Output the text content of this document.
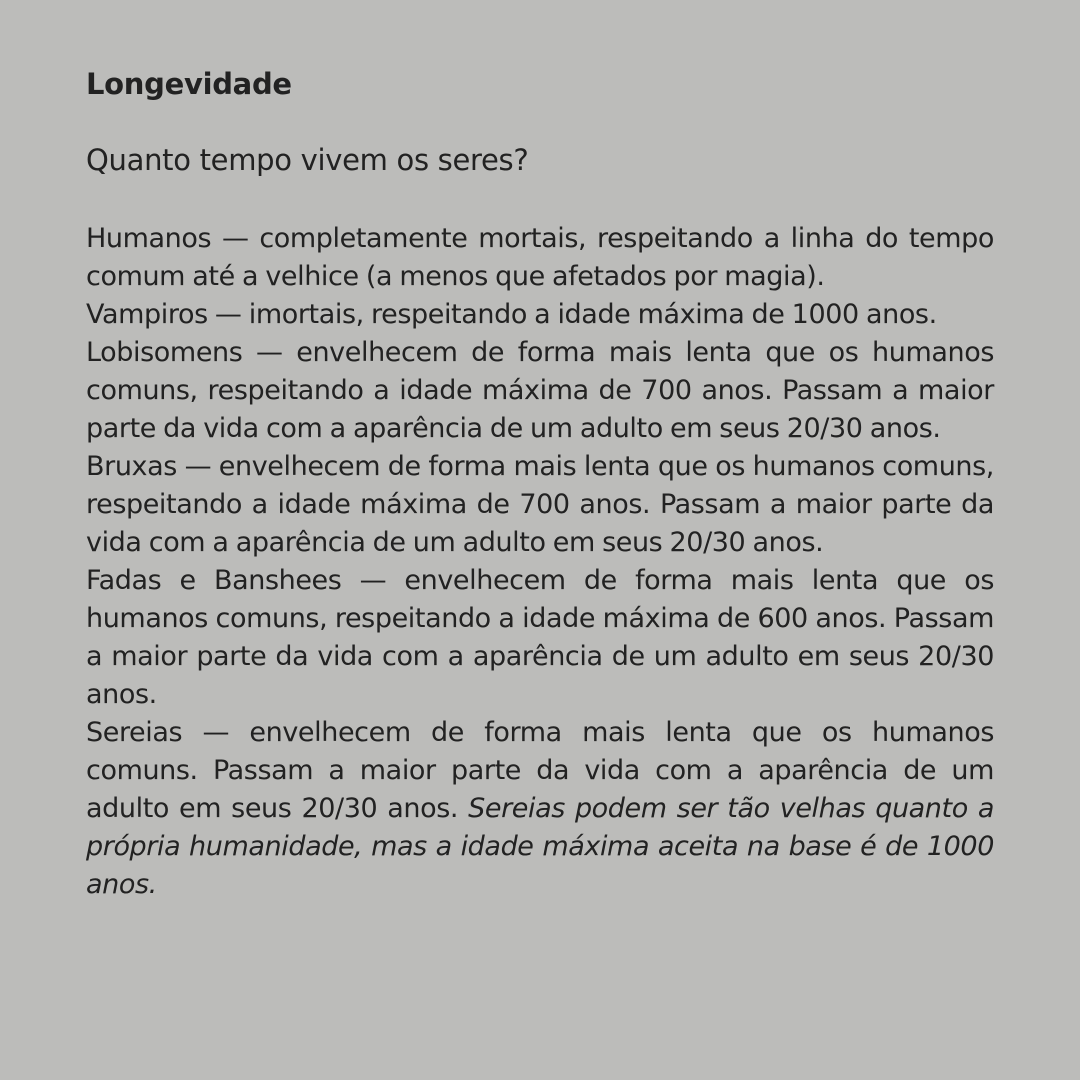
Longevidade

Quanto tempo vivem os seres?

Humanos — completamente mortais, respeitando a linha do tempo comum até a velhice (a menos que afetados por magia).

Vampiros — imortais, respeitando a idade máxima de 1000 anos.

Lobisomens — envelhecem de forma mais lenta que os humanos comuns, respeitando a idade máxima de 700 anos. Passam a maior parte da vida com a aparência de um adulto em seus 20/30 anos.

Bruxas — envelhecem de forma mais lenta que os humanos comuns, respeitando a idade máxima de 700 anos. Passam a maior parte da vida com a aparência de um adulto em seus 20/30 anos.

Fadas e Banshees — envelhecem de forma mais lenta que os humanos comuns, respeitando a idade máxima de 600 anos. Passam a maior parte da vida com a aparência de um adulto em seus 20/30 anos.

Sereias — envelhecem de forma mais lenta que os humanos comuns. Passam a maior parte da vida com a aparência de um adulto em seus 20/30 anos. Sereias podem ser tão velhas quanto a própria humanidade, mas a idade máxima aceita na base é de 1000 anos.
